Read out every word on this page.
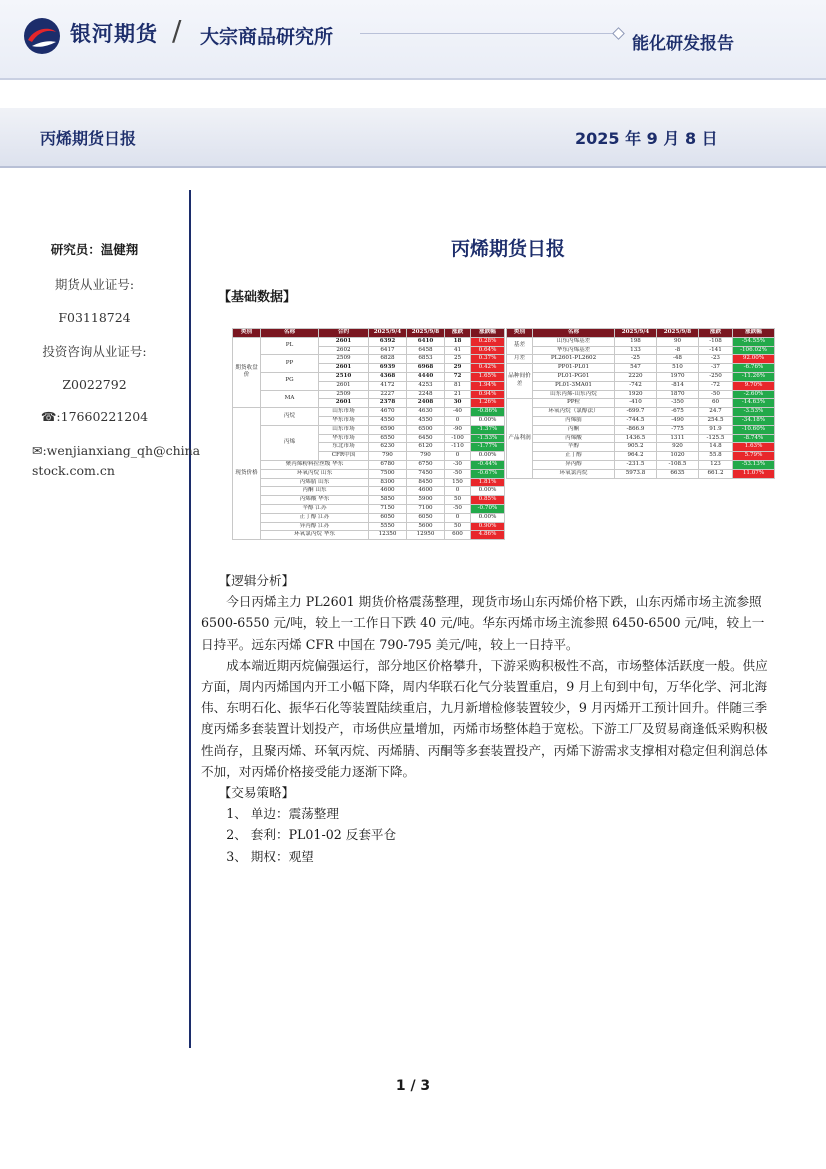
银河期货 / 大宗商品研究所	能化研发报告
丙烯期货日报	2025 年 9 月 8 日
研究员：温健翔
期货从业证号:
F03118724
投资咨询从业证号:
Z0022792
☎:17660221204
✉:wenjianxiang_qh@china
stock.com.cn
丙烯期货日报
【基础数据】
类别	名称	合约	2025/9/4	2025/9/8	涨跌	涨跌幅
期货收盘价	PL	2601	6392	6410	18	0.28%
		2602	6417	6458	41	0.64%
	PP	2509	6828	6853	25	0.37%
		2601	6939	6968	29	0.42%
	PG	2510	4368	4440	72	1.65%
		2601	4172	4253	81	1.94%
	MA	2509	2227	2248	21	0.94%
		2601	2378	2408	30	1.26%
现货价格	丙烷	山东市场	4670	4630	-40	-0.86%
		华东市场	4550	4550	0	0.00%
	丙烯	山东市场	6590	6500	-90	-1.37%
		华东市场	6550	6450	-100	-1.53%
		东北市场	6230	6120	-110	-1.77%
		CFR中国	790	790	0	0.00%
	聚丙烯粉料拉丝级 华东		6780	6750	-30	-0.44%
	环氧丙烷 山东		7500	7450	-50	-0.67%
	丙烯腈 山东		8300	8450	150	1.81%
	丙酮 山东		4600	4600	0	0.00%
	丙烯酸 华东		5850	5900	50	0.85%
	辛醇 江苏		7150	7100	-50	-0.70%
	正丁醇 江苏		6050	6050	0	0.00%
	异丙醇 江苏		5550	5600	50	0.90%
	环氧氯丙烷 华东		12350	12950	600	4.86%
类别	名称	2025/9/4	2025/9/8	涨跌	涨跌幅
基差	山东丙烯基差	198	90	-108	-54.55%
	华东丙烯基差	133	-8	-141	-106.02%
月差	PL2601-PL2602	-25	-48	-23	92.00%
品种间价差	PP01-PL01	547	510	-37	-6.76%
	PL01-PG01	2220	1970	-250	-11.26%
	PL01-3MA01	-742	-814	-72	9.70%
	山东丙烯-山东丙烷	1920	1870	-50	-2.60%
产品利润	PP粒	-410	-350	60	-14.63%
	环氧丙烷（氯醇法）	-699.7	-675	24.7	-3.53%
	丙烯腈	-744.5	-490	254.5	-34.18%
	丙酮	-866.9	-775	91.9	-10.60%
	丙烯酸	1436.5	1311	-125.5	-8.74%
	辛醇	905.2	920	14.8	1.63%
	正丁醇	964.2	1020	55.8	5.79%
	异丙醇	-231.5	-108.5	123	-53.13%
	环氧氯丙烷	5973.8	6635	661.2	11.07%

【逻辑分析】

今日丙烯主力 PL2601 期货价格震荡整理，现货市场山东丙烯价格下跌，山东丙烯市场主流参照 6500-6550 元/吨，较上一工作日下跌 40 元/吨。华东丙烯市场主流参照 6450-6500 元/吨，较上一日持平。远东丙烯 CFR 中国在 790-795 美元/吨，较上一日持平。

成本端近期丙烷偏强运行，部分地区价格攀升，下游采购积极性不高，市场整体活跃度一般。供应方面，周内丙烯国内开工小幅下降，周内华联石化气分装置重启，9 月上旬到中旬，万华化学、河北海伟、东明石化、振华石化等装置陆续重启，九月新增检修装置较少，9 月丙烯开工预计回升。伴随三季度丙烯多套装置计划投产，市场供应量增加，丙烯市场整体趋于宽松。下游工厂及贸易商逢低采购积极性尚存，且聚丙烯、环氧丙烷、丙烯腈、丙酮等多套装置投产，丙烯下游需求支撑相对稳定但利润总体不加，对丙烯价格接受能力逐渐下降。

【交易策略】

1、 单边：震荡整理

2、 套利：PL01-02 反套平仓

3、 期权：观望

1 / 3
